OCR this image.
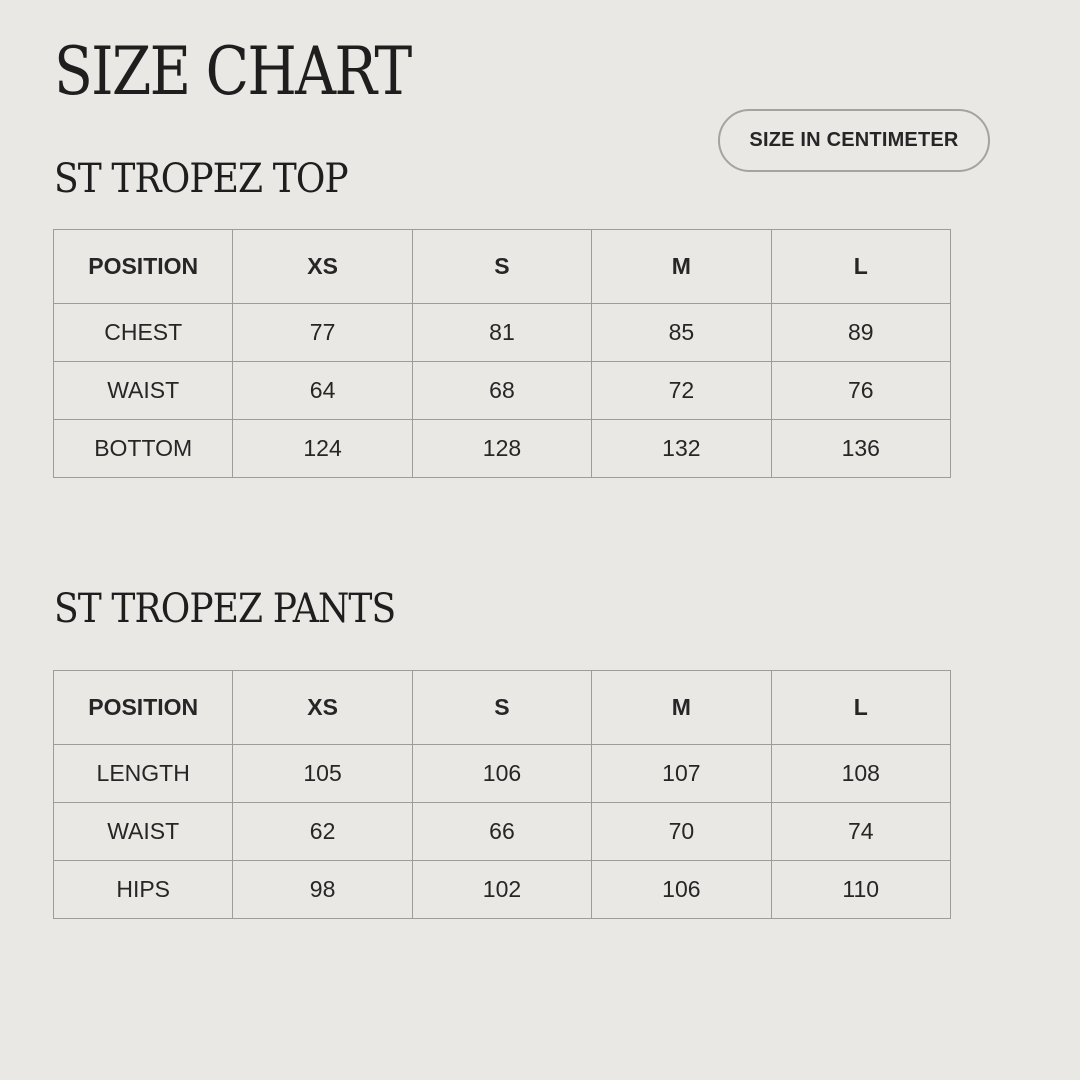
SIZE CHART
SIZE IN CENTIMETER
ST TROPEZ TOP
POSITION	XS	S	M	L
CHEST	77	81	85	89
WAIST	64	68	72	76
BOTTOM	124	128	132	136
ST TROPEZ PANTS
POSITION	XS	S	M	L
LENGTH	105	106	107	108
WAIST	62	66	70	74
HIPS	98	102	106	110
